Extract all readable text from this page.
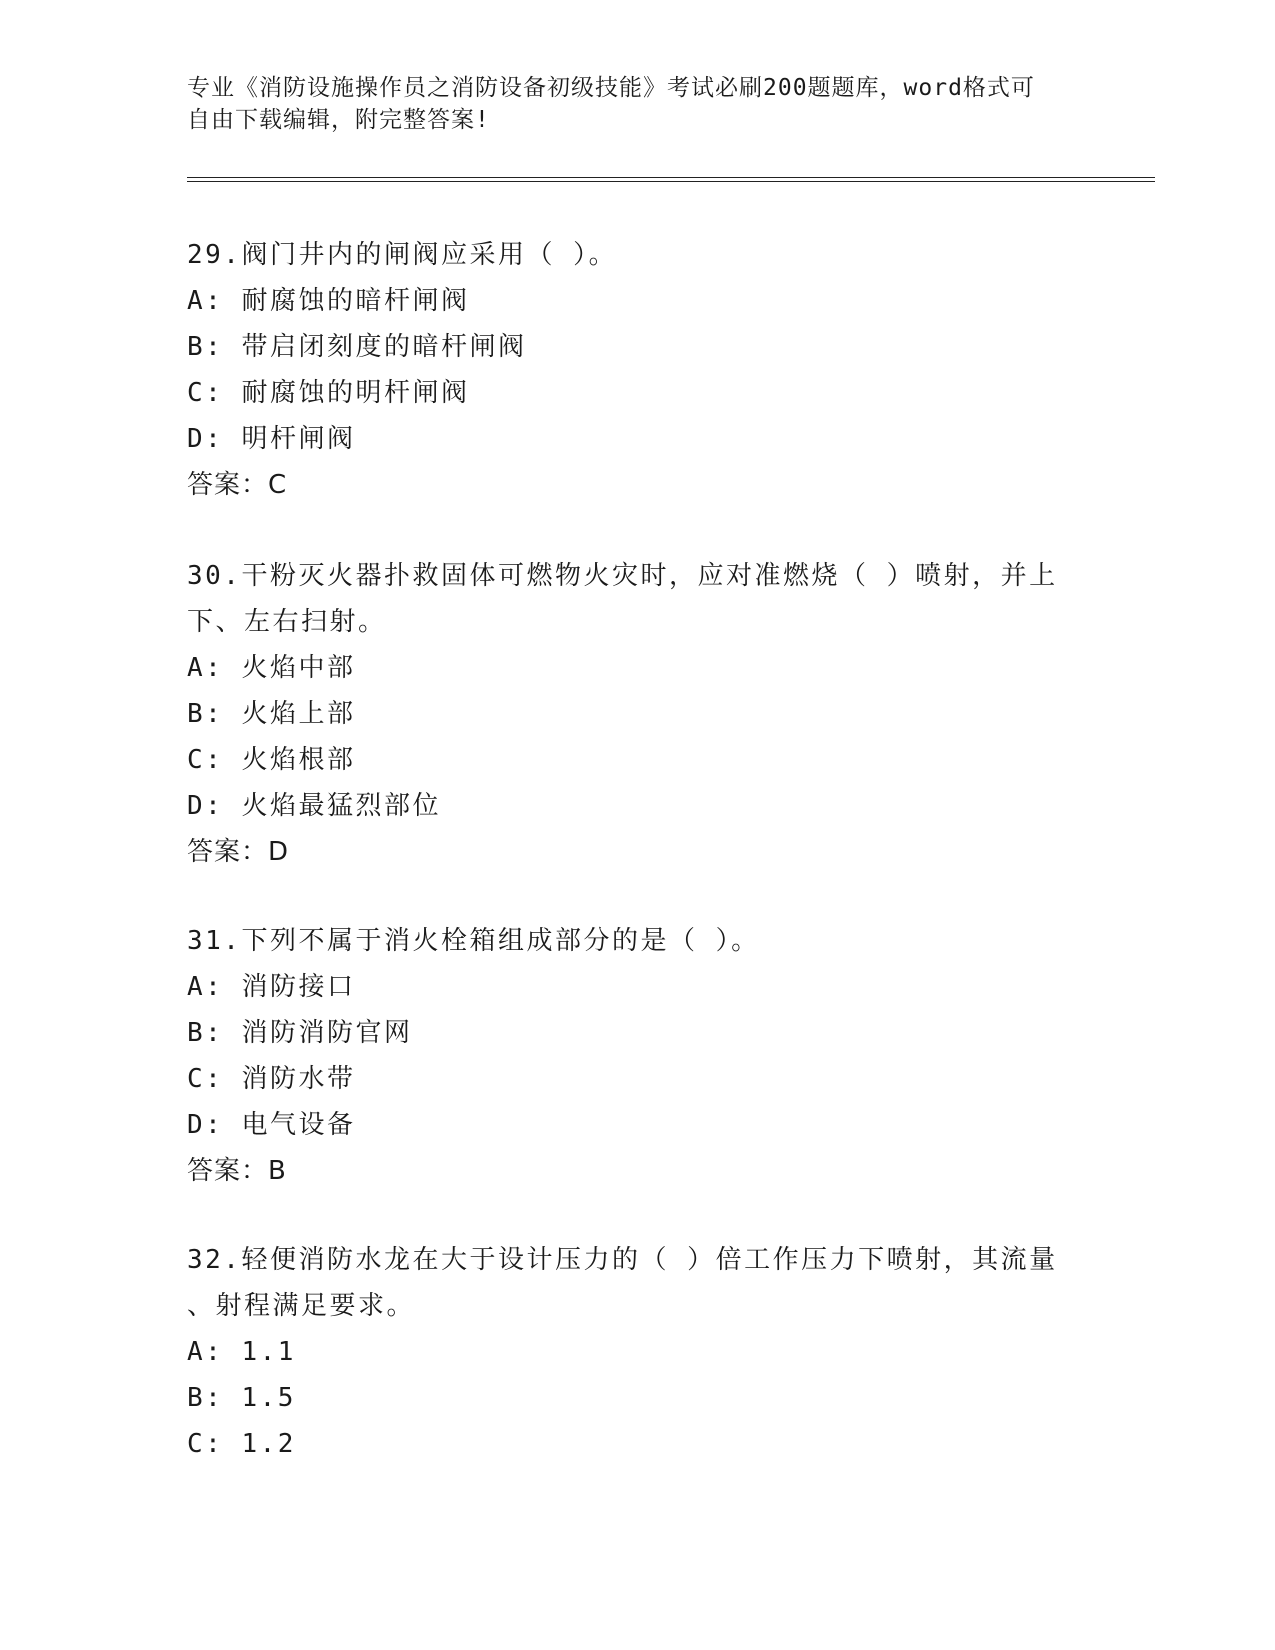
专业《消防设施操作员之消防设备初级技能》考试必刷200题题库，word格式可
自由下载编辑，附完整答案!
29.阀门井内的闸阀应采用（ ）。
A: 耐腐蚀的暗杆闸阀
B: 带启闭刻度的暗杆闸阀
C: 耐腐蚀的明杆闸阀
D: 明杆闸阀
答案：C
30.干粉灭火器扑救固体可燃物火灾时，应对准燃烧（ ）喷射，并上
下、左右扫射。
A: 火焰中部
B: 火焰上部
C: 火焰根部
D: 火焰最猛烈部位
答案：D
31.下列不属于消火栓箱组成部分的是（ ）。
A: 消防接口
B: 消防消防官网
C: 消防水带
D: 电气设备
答案：B
32.轻便消防水龙在大于设计压力的（ ）倍工作压力下喷射，其流量
、射程满足要求。
A: 1.1
B: 1.5
C: 1.2
